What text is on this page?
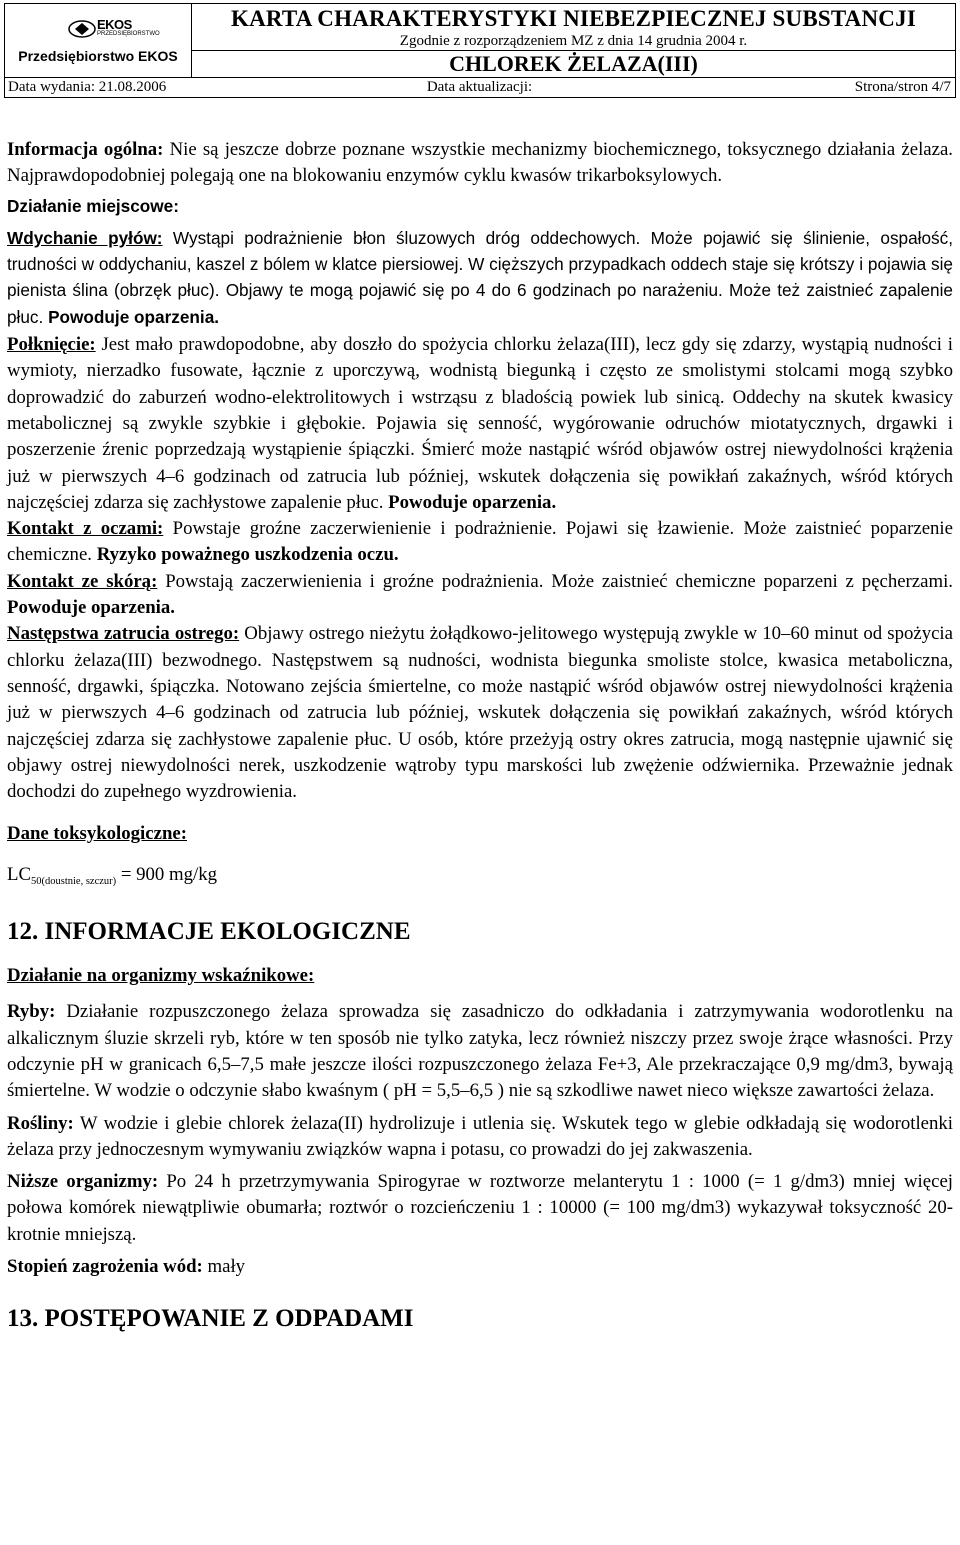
EKOS
PRZEDSIĘBIORSTWO
Przedsiębiorstwo EKOS

KARTA CHARAKTERYSTYKI NIEBEZPIECZNEJ SUBSTANCJI
Zgodnie z rozporządzeniem MZ z dnia 14 grudnia 2004 r.

CHLOREK ŻELAZA(III)
Data wydania: 21.08.2006	Data aktualizacji:	Strona/stron 4/7

Informacja ogólna: Nie są jeszcze dobrze poznane wszystkie mechanizmy biochemicznego, toksycznego działania żelaza. Najprawdopodobniej polegają one na blokowaniu enzymów cyklu kwasów trikarboksylowych.

Działanie miejscowe:

Wdychanie pyłów: Wystąpi podrażnienie błon śluzowych dróg oddechowych. Może pojawić się ślinienie, ospałość, trudności w oddychaniu, kaszel z bólem w klatce piersiowej. W cięższych przypadkach oddech staje się krótszy i pojawia się pienista ślina (obrzęk płuc). Objawy te mogą pojawić się po 4 do 6 godzinach po narażeniu. Może też zaistnieć zapalenie płuc. Powoduje oparzenia.

Połknięcie: Jest mało prawdopodobne, aby doszło do spożycia chlorku żelaza(III), lecz gdy się zdarzy, wystąpią nudności i wymioty, nierzadko fusowate, łącznie z uporczywą, wodnistą biegunką i często ze smolistymi stolcami mogą szybko doprowadzić do zaburzeń wodno-elektrolitowych i wstrząsu z bladością powiek lub sinicą. Oddechy na skutek kwasicy metabolicznej są zwykle szybkie i głębokie. Pojawia się senność, wygórowanie odruchów miotatycznych, drgawki i poszerzenie źrenic poprzedzają wystąpienie śpiączki. Śmierć może nastąpić wśród objawów ostrej niewydolności krążenia już w pierwszych 4–6 godzinach od zatrucia lub później, wskutek dołączenia się powikłań zakaźnych, wśród których najczęściej zdarza się zachłystowe zapalenie płuc. Powoduje oparzenia.

Kontakt z oczami: Powstaje groźne zaczerwienienie i podrażnienie. Pojawi się łzawienie. Może zaistnieć poparzenie chemiczne. Ryzyko poważnego uszkodzenia oczu.

Kontakt ze skórą: Powstają zaczerwienienia i groźne podrażnienia. Może zaistnieć chemiczne poparzeni z pęcherzami. Powoduje oparzenia.

Następstwa zatrucia ostrego: Objawy ostrego nieżytu żołądkowo-jelitowego występują zwykle w 10–60 minut od spożycia chlorku żelaza(III) bezwodnego. Następstwem są nudności, wodnista biegunka smoliste stolce, kwasica metaboliczna, senność, drgawki, śpiączka. Notowano zejścia śmiertelne, co może nastąpić wśród objawów ostrej niewydolności krążenia już w pierwszych 4–6 godzinach od zatrucia lub później, wskutek dołączenia się powikłań zakaźnych, wśród których najczęściej zdarza się zachłystowe zapalenie płuc. U osób, które przeżyją ostry okres zatrucia, mogą następnie ujawnić się objawy ostrej niewydolności nerek, uszkodzenie wątroby typu marskości lub zwężenie odźwiernika. Przeważnie jednak dochodzi do zupełnego wyzdrowienia.

Dane toksykologiczne:

$LC_{50(doustnie, szczur)} = 900$ mg/kg

12. INFORMACJE EKOLOGICZNE

Działanie na organizmy wskaźnikowe:

Ryby: Działanie rozpuszczonego żelaza sprowadza się zasadniczo do odkładania i zatrzymywania wodorotlenku na alkalicznym śluzie skrzeli ryb, które w ten sposób nie tylko zatyka, lecz również niszczy przez swoje żrące własności. Przy odczynie pH w granicach 6,5–7,5 małe jeszcze ilości rozpuszczonego żelaza Fe+3, Ale przekraczające 0,9 mg/dm3, bywają śmiertelne. W wodzie o odczynie słabo kwaśnym ( pH = 5,5–6,5 ) nie są szkodliwe nawet nieco większe zawartości żelaza.

Rośliny: W wodzie i glebie chlorek żelaza(II) hydrolizuje i utlenia się. Wskutek tego w glebie odkładają się wodorotlenki żelaza przy jednoczesnym wymywaniu związków wapna i potasu, co prowadzi do jej zakwaszenia.

Niższe organizmy: Po 24 h przetrzymywania Spirogyrae w roztworze melanterytu 1 : 1000 (= 1 g/dm3) mniej więcej połowa komórek niewątpliwie obumarła; roztwór o rozcieńczeniu 1 : 10000 (= 100 mg/dm3) wykazywał toksyczność 20-krotnie mniejszą.

Stopień zagrożenia wód: mały

13. POSTĘPOWANIE Z ODPADAMI
